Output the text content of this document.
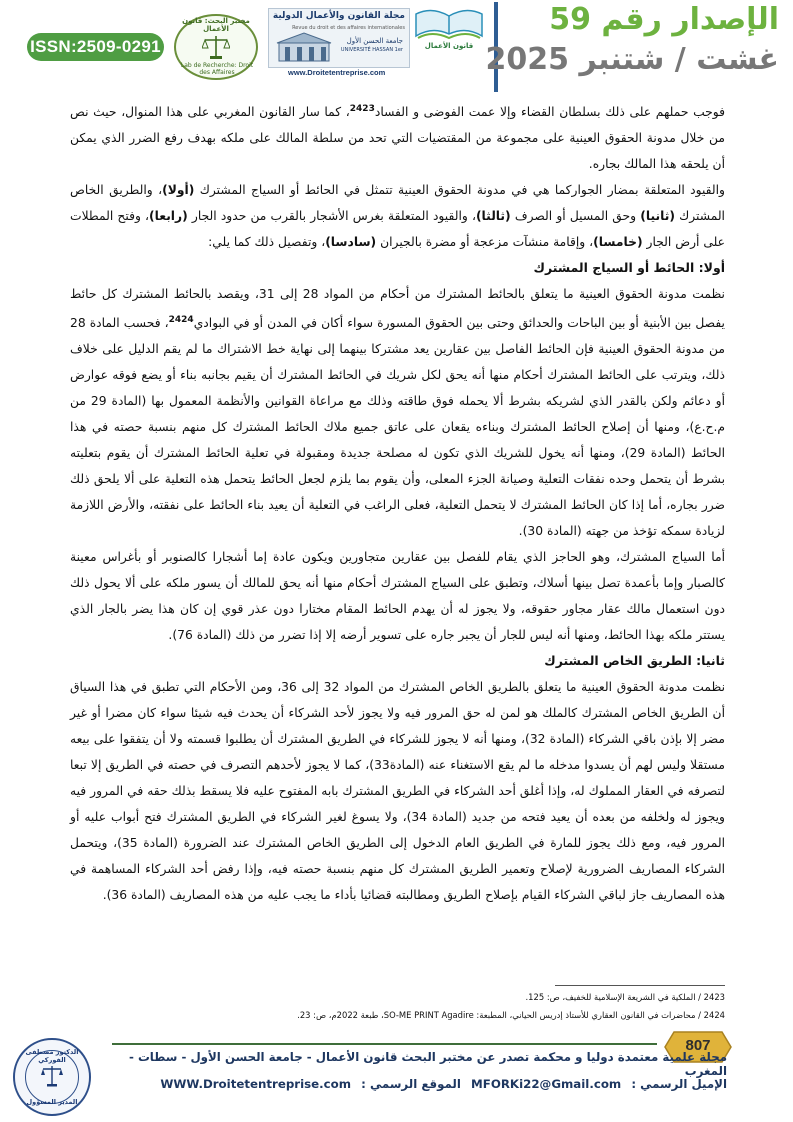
ISSN:2509-0291
مختبر البحث: قانون الأعمال
Lab de Recherche: Droit des Affaires
مجلة القانون والأعمال الدولية
Revue du droit et des affaires internationales
جامعة الحسن الأول
UNIVERSITÉ HASSAN 1er	قانون الأعمال
www.Droitetentreprise.com
الإصدار رقم 59
غشت / شتنبر 2025

فوجب حملهم على ذلك بسلطان القضاء وإلا عمت الفوضى و الفساد$^{2423}$، كما سار القانون المغربي على هذا المنوال، حيث نص من خلال مدونة الحقوق العينية على مجموعة من المقتضيات التي تحد من سلطة المالك على ملكه بهدف رفع الضرر الذي يمكن أن يلحقه هذا المالك بجاره.

والقيود المتعلقة بمضار الجواركما هي في مدونة الحقوق العينية تتمثل في الحائط أو السياج المشترك (أولا)، والطريق الخاص المشترك (ثانيا) وحق المسيل أو الصرف (ثالثا)، والقيود المتعلقة بغرس الأشجار بالقرب من حدود الجار (رابعا)، وفتح المطلات على أرض الجار (خامسا)، وإقامة منشآت مزعجة أو مضرة بالجيران (سادسا)، وتفصيل ذلك كما يلي:

أولا: الحائط أو السياج المشترك

نظمت مدونة الحقوق العينية ما يتعلق بالحائط المشترك من أحكام من المواد 28 إلى 31، ويقصد بالحائط المشترك كل حائط يفصل بين الأبنية أو بين الباحات والحدائق وحتى بين الحقوق المسورة سواء أكان في المدن أو في البوادي$^{2424}$، فحسب المادة 28 من مدونة الحقوق العينية فإن الحائط الفاصل بين عقارين يعد مشتركا بينهما إلى نهاية خط الاشتراك ما لم يقم الدليل على خلاف ذلك، ويترتب على الحائط المشترك أحكام منها أنه يحق لكل شريك في الحائط المشترك أن يقيم بجانبه بناء أو يضع فوقه عوارض أو دعائم ولكن بالقدر الذي لشريكه بشرط ألا يحمله فوق طاقته وذلك مع مراعاة القوانين والأنظمة المعمول بها (المادة 29 من م.ح.ع)، ومنها أن إصلاح الحائط المشترك وبناءه يقعان على عاتق جميع ملاك الحائط المشترك كل منهم بنسبة حصته في هذا الحائط (المادة 29)، ومنها أنه يخول للشريك الذي تكون له مصلحة جديدة ومقبولة في تعلية الحائط المشترك أن يقوم بتعليته بشرط أن يتحمل وحده نفقات التعلية وصيانة الجزء المعلى، وأن يقوم بما يلزم لجعل الحائط يتحمل هذه التعلية على ألا يلحق ذلك ضرر بجاره، أما إذا كان الحائط المشترك لا يتحمل التعلية، فعلى الراغب في التعلية أن يعيد بناء الحائط على نفقته، والأرض اللازمة لزيادة سمكه تؤخذ من جهته (المادة 30).

أما السياج المشترك، وهو الحاجز الذي يقام للفصل بين عقارين متجاورين ويكون عادة إما أشجارا كالصنوبر أو بأغراس معينة كالصبار وإما بأعمدة تصل بينها أسلاك، وتطبق على السياج المشترك أحكام منها أنه يحق للمالك أن يسور ملكه على ألا يحول ذلك دون استعمال مالك عقار مجاور حقوقه، ولا يجوز له أن يهدم الحائط المقام مختارا دون عذر قوي إن كان هذا يضر بالجار الذي يستتر ملكه بهذا الحائط، ومنها أنه ليس للجار أن يجبر جاره على تسوير أرضه إلا إذا تضرر من ذلك (المادة 76).

ثانيا: الطريق الخاص المشترك

نظمت مدونة الحقوق العينية ما يتعلق بالطريق الخاص المشترك من المواد 32 إلى 36، ومن الأحكام التي تطبق في هذا السياق أن الطريق الخاص المشترك كالملك هو لمن له حق المرور فيه ولا يجوز لأحد الشركاء أن يحدث فيه شيئا سواء كان مضرا أو غير مضر إلا بإذن باقي الشركاء (المادة 32)، ومنها أنه لا يجوز للشركاء في الطريق المشترك أن يطلبوا قسمته ولا أن يتفقوا على بيعه مستقلا وليس لهم أن يسدوا مدخله ما لم يقع الاستغناء عنه (المادة33)، كما لا يجوز لأحدهم التصرف في حصته في الطريق إلا تبعا لتصرفه في العقار المملوك له، وإذا أغلق أحد الشركاء في الطريق المشترك بابه المفتوح عليه فلا يسقط بذلك حقه في المرور فيه ويجوز له ولخلفه من بعده أن يعيد فتحه من جديد (المادة 34)، ولا يسوغ لغير الشركاء في الطريق المشترك فتح أبواب عليه أو المرور فيه، ومع ذلك يجوز للمارة في الطريق العام الدخول إلى الطريق الخاص المشترك عند الضرورة (المادة 35)، ويتحمل الشركاء المصاريف الضرورية لإصلاح وتعمير الطريق المشترك كل منهم بنسبة حصته فيه، وإذا رفض أحد الشركاء المساهمة في هذه المصاريف جاز لباقي الشركاء القيام بإصلاح الطريق ومطالبته قضائيا بأداء ما يجب عليه من هذه المصاريف (المادة 36).

2423 / الملكية في الشريعة الإسلامية للخفيف، ص: 125.

2424 / محاضرات في القانون العقاري للأستاذ إدريس الحياني، المطبعة: SO-ME PRINT Agadire، طبعة 2022م، ص: 23.

الدكتور مصطفى الفوركي
المدير المسؤول
807
مجلة علمية معتمدة دوليا و محكمة تصدر عن مختبر البحث قانون الأعمال - جامعة الحسن الأول - سطات - المغرب
الإميل الرسمي : MFORKi22@Gmail.com الموقع الرسمي : WWW.Droitetentreprise.com
